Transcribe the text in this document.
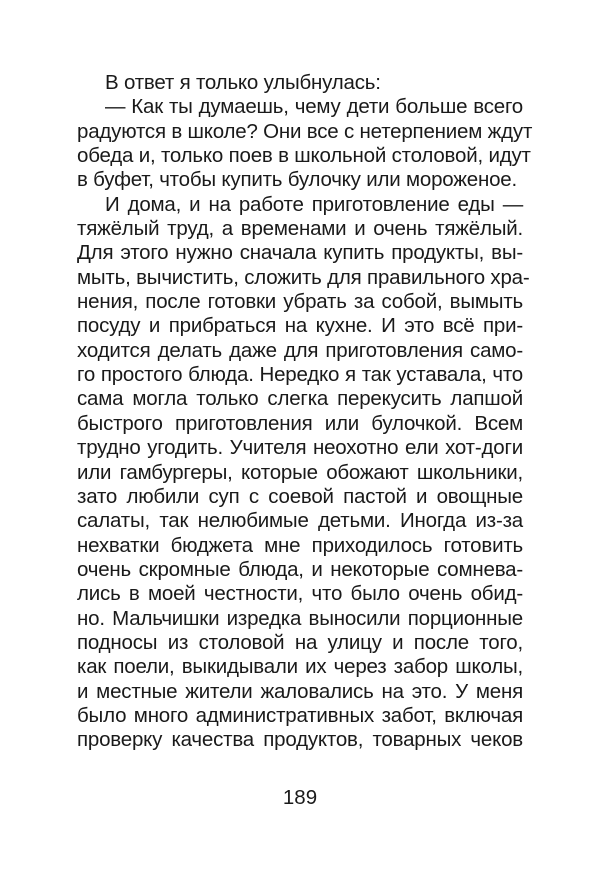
В ответ я только улыбнулась:
— Как ты думаешь, чему дети больше всего
радуются в школе? Они все с нетерпением ждут
обеда и, только поев в школьной столовой, идут
в буфет, чтобы купить булочку или мороженое.
И дома, и на работе приготовление еды —
тяжёлый труд, а временами и очень тяжёлый.
Для этого нужно сначала купить продукты, вы-
мыть, вычистить, сложить для правильного хра-
нения, после готовки убрать за собой, вымыть
посуду и прибраться на кухне. И это всё при-
ходится делать даже для приготовления само-
го простого блюда. Нередко я так уставала, что
сама могла только слегка перекусить лапшой
быстрого приготовления или булочкой. Всем
трудно угодить. Учителя неохотно ели хот-доги
или гамбургеры, которые обожают школьники,
зато любили суп с соевой пастой и овощные
салаты, так нелюбимые детьми. Иногда из-за
нехватки бюджета мне приходилось готовить
очень скромные блюда, и некоторые сомнева-
лись в моей честности, что было очень обид-
но. Мальчишки изредка выносили порционные
подносы из столовой на улицу и после того,
как поели, выкидывали их через забор школы,
и местные жители жаловались на это. У меня
было много административных забот, включая
проверку качества продуктов, товарных чеков
189
